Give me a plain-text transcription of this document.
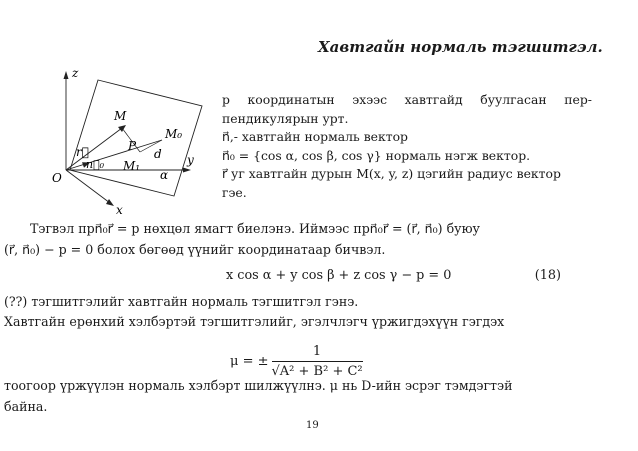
Хавтгайн нормаль тэгшитгэл.
z
y
x
O
M
P
M₀
M₁
r⃗
n⃗₀
d
α

p координатын эхээс хавтгайд буулгасан пер-

пендикулярын урт.

n⃗,- хавтгайн нормаль вектор

n⃗₀ = {cos α, cos β, cos γ} нормаль нэгж вектор.

r⃗ уг хавтгайн дурын M(x, y, z) цэгийн радиус вектор

гэе.

Тэгвэл прn⃗₀r⃗ = p нөхцөл ямагт биелэнэ. Иймээс прn⃗₀r⃗ = (r⃗, n⃗₀) буюу
(r⃗, n⃗₀) − p = 0 болох бөгөөд үүнийг координатаар бичвэл.
x cos α + y cos β + z cos γ − p = 0	(18)
(??) тэгшитгэлийг хавтгайн нормаль тэгшитгэл гэнэ.
Хавтгайн ерөнхий хэлбэртэй тэгшитгэлийг, эгэлчлэгч үржигдэхүүн гэгдэх
μ = ± $\frac{1}{\text{√A² + B² + C²}}$
тоогоор үржүүлэн нормаль хэлбэрт шилжүүлнэ. μ нь D-ийн эсрэг тэмдэгтэй
байна.
19
